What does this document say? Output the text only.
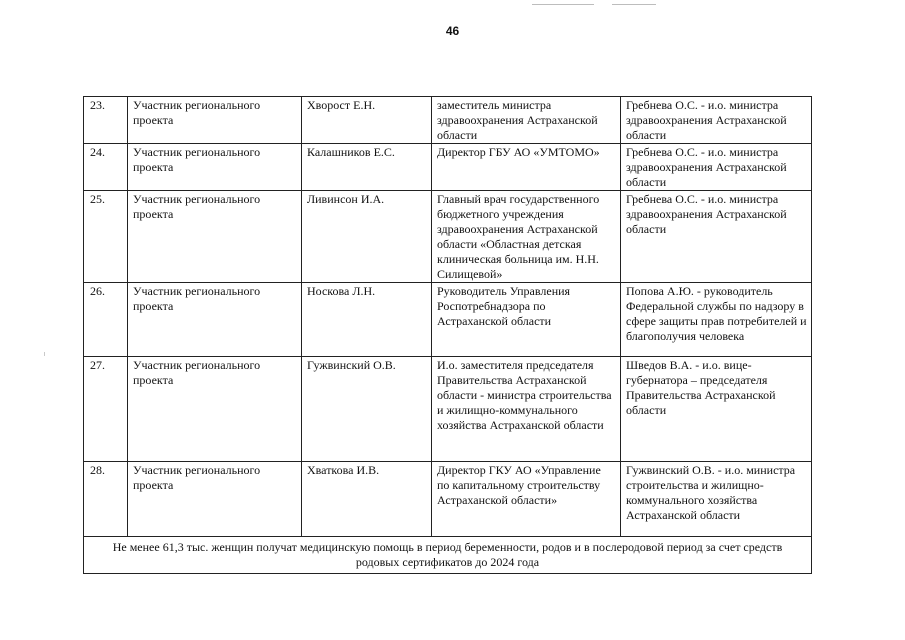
46
23.	Участник регионального проекта	Хворост Е.Н.	заместитель министра здравоохранения Астраханской области	Гребнева О.С. - и.о. министра здравоохранения Астраханской области
24.	Участник регионального проекта	Калашников Е.С.	Директор ГБУ АО «УМТОМО»	Гребнева О.С. - и.о. министра здравоохранения Астраханской области
25.	Участник регионального проекта	Ливинсон И.А.	Главный врач государственного бюджетного учреждения здравоохранения Астраханской области «Областная детская клиническая больница им. Н.Н. Силищевой»	Гребнева О.С. - и.о. министра здравоохранения Астраханской области
26.	Участник регионального проекта	Носкова Л.Н.	Руководитель Управления Роспотребнадзора по Астраханской области	Попова А.Ю. - руководитель Федеральной службы по надзору в сфере защиты прав потребителей и благополучия человека
27.	Участник регионального проекта	Гужвинский О.В.	И.о. заместителя председателя Правительства Астраханской области - министра строительства и жилищно-коммунального хозяйства Астраханской области	Шведов В.А. - и.о. вице-губернатора – председателя Правительства Астраханской области
28.	Участник регионального проекта	Хваткова И.В.	Директор ГКУ АО «Управление по капитальному строительству Астраханской области»	Гужвинский О.В. - и.о. министра строительства и жилищно-коммунального хозяйства Астраханской области
Не менее 61,3 тыс. женщин получат медицинскую помощь в период беременности, родов и в послеродовой период за счет средств родовых сертификатов до 2024 года				
